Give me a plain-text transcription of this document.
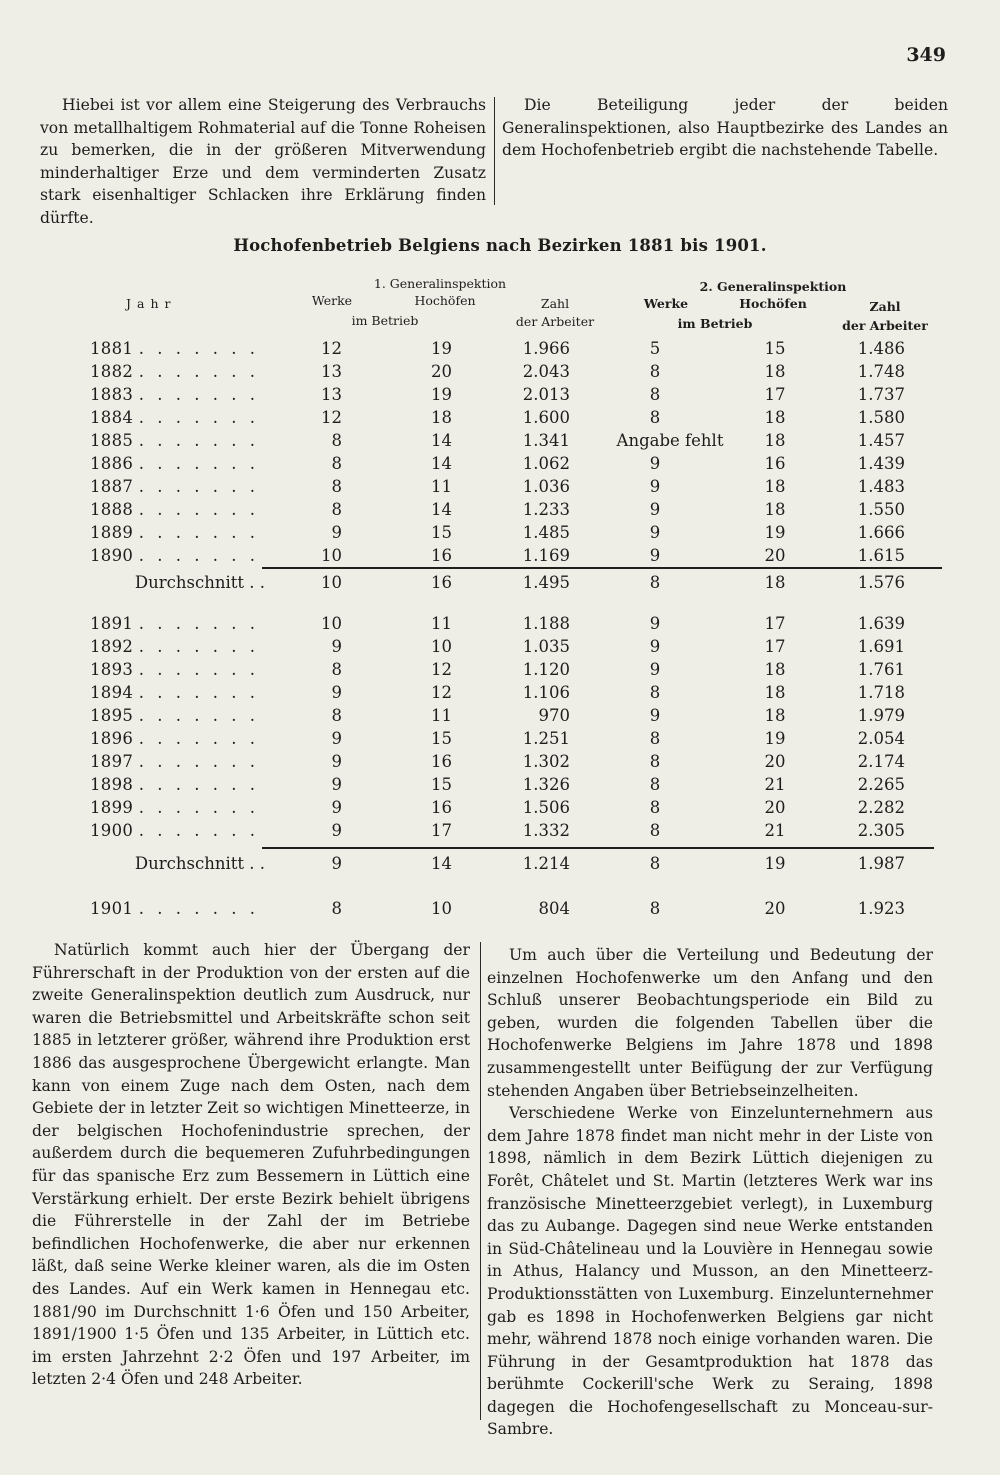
349

Hiebei ist vor allem eine Steigerung des Verbrauchs von metallhaltigem Rohmaterial auf die Tonne Roheisen zu bemerken, die in der größeren Mitverwendung minderhaltiger Erze und dem verminderten Zusatz stark eisenhaltiger Schlacken ihre Erklärung finden dürfte.

Die Beteiligung jeder der beiden Generalinspektionen, also Hauptbezirke des Landes an dem Hochofenbetrieb ergibt die nachstehende Tabelle.

Hochofenbetrieb Belgiens nach Bezirken 1881 bis 1901.
Jahr
1. Generalinspektion
Werke	Hochöfen
im Betrieb
Zahl
der Arbeiter
2. Generalinspektion
Werke	Hochöfen
im Betrieb
Zahl
der Arbeiter
1881 . . . . . . .	12	19	1.966	5	15	1.486
1882 . . . . . . .	13	20	2.043	8	18	1.748
1883 . . . . . . .	13	19	2.013	8	17	1.737
1884 . . . . . . .	12	18	1.600	8	18	1.580
1885 . . . . . . .	8	14	1.341	Angabe fehlt	18	1.457
1886 . . . . . . .	8	14	1.062	9	16	1.439
1887 . . . . . . .	8	11	1.036	9	18	1.483
1888 . . . . . . .	8	14	1.233	9	18	1.550
1889 . . . . . . .	9	15	1.485	9	19	1.666
1890 . . . . . . .	10	16	1.169	9	20	1.615
Durchschnitt . .	10	16	1.495	8	18	1.576
1891 . . . . . . .	10	11	1.188	9	17	1.639
1892 . . . . . . .	9	10	1.035	9	17	1.691
1893 . . . . . . .	8	12	1.120	9	18	1.761
1894 . . . . . . .	9	12	1.106	8	18	1.718
1895 . . . . . . .	8	11	970	9	18	1.979
1896 . . . . . . .	9	15	1.251	8	19	2.054
1897 . . . . . . .	9	16	1.302	8	20	2.174
1898 . . . . . . .	9	15	1.326	8	21	2.265
1899 . . . . . . .	9	16	1.506	8	20	2.282
1900 . . . . . . .	9	17	1.332	8	21	2.305
Durchschnitt . .	9	14	1.214	8	19	1.987
1901 . . . . . . .	8	10	804	8	20	1.923

Natürlich kommt auch hier der Übergang der Führerschaft in der Produktion von der ersten auf die zweite Generalinspektion deutlich zum Ausdruck, nur waren die Betriebsmittel und Arbeitskräfte schon seit 1885 in letzterer größer, während ihre Produktion erst 1886 das ausgesprochene Übergewicht erlangte. Man kann von einem Zuge nach dem Osten, nach dem Gebiete der in letzter Zeit so wichtigen Minetteerze, in der belgischen Hochofenindustrie sprechen, der außerdem durch die bequemeren Zufuhrbedingungen für das spanische Erz zum Bessemern in Lüttich eine Verstärkung erhielt. Der erste Bezirk behielt übrigens die Führerstelle in der Zahl der im Betriebe befindlichen Hochofenwerke, die aber nur erkennen läßt, daß seine Werke kleiner waren, als die im Osten des Landes. Auf ein Werk kamen in Hennegau etc. 1881/90 im Durchschnitt 1·6 Öfen und 150 Arbeiter, 1891/1900 1·5 Öfen und 135 Arbeiter, in Lüttich etc. im ersten Jahrzehnt 2·2 Öfen und 197 Arbeiter, im letzten 2·4 Öfen und 248 Arbeiter.

Um auch über die Verteilung und Bedeutung der einzelnen Hochofenwerke um den Anfang und den Schluß unserer Beobachtungsperiode ein Bild zu geben, wurden die folgenden Tabellen über die Hochofenwerke Belgiens im Jahre 1878 und 1898 zusammengestellt unter Beifügung der zur Verfügung stehenden Angaben über Betriebseinzelheiten.

Verschiedene Werke von Einzelunternehmern aus dem Jahre 1878 findet man nicht mehr in der Liste von 1898, nämlich in dem Bezirk Lüttich diejenigen zu Forêt, Châtelet und St. Martin (letzteres Werk war ins französische Minetteerzgebiet verlegt), in Luxemburg das zu Aubange. Dagegen sind neue Werke entstanden in Süd-Châtelineau und la Louvière in Hennegau sowie in Athus, Halancy und Musson, an den Minetteerz-Produktionsstätten von Luxemburg. Einzelunternehmer gab es 1898 in Hochofenwerken Belgiens gar nicht mehr, während 1878 noch einige vorhanden waren. Die Führung in der Gesamtproduktion hat 1878 das berühmte Cockerill'sche Werk zu Seraing, 1898 dagegen die Hochofengesellschaft zu Monceau-sur-Sambre.
